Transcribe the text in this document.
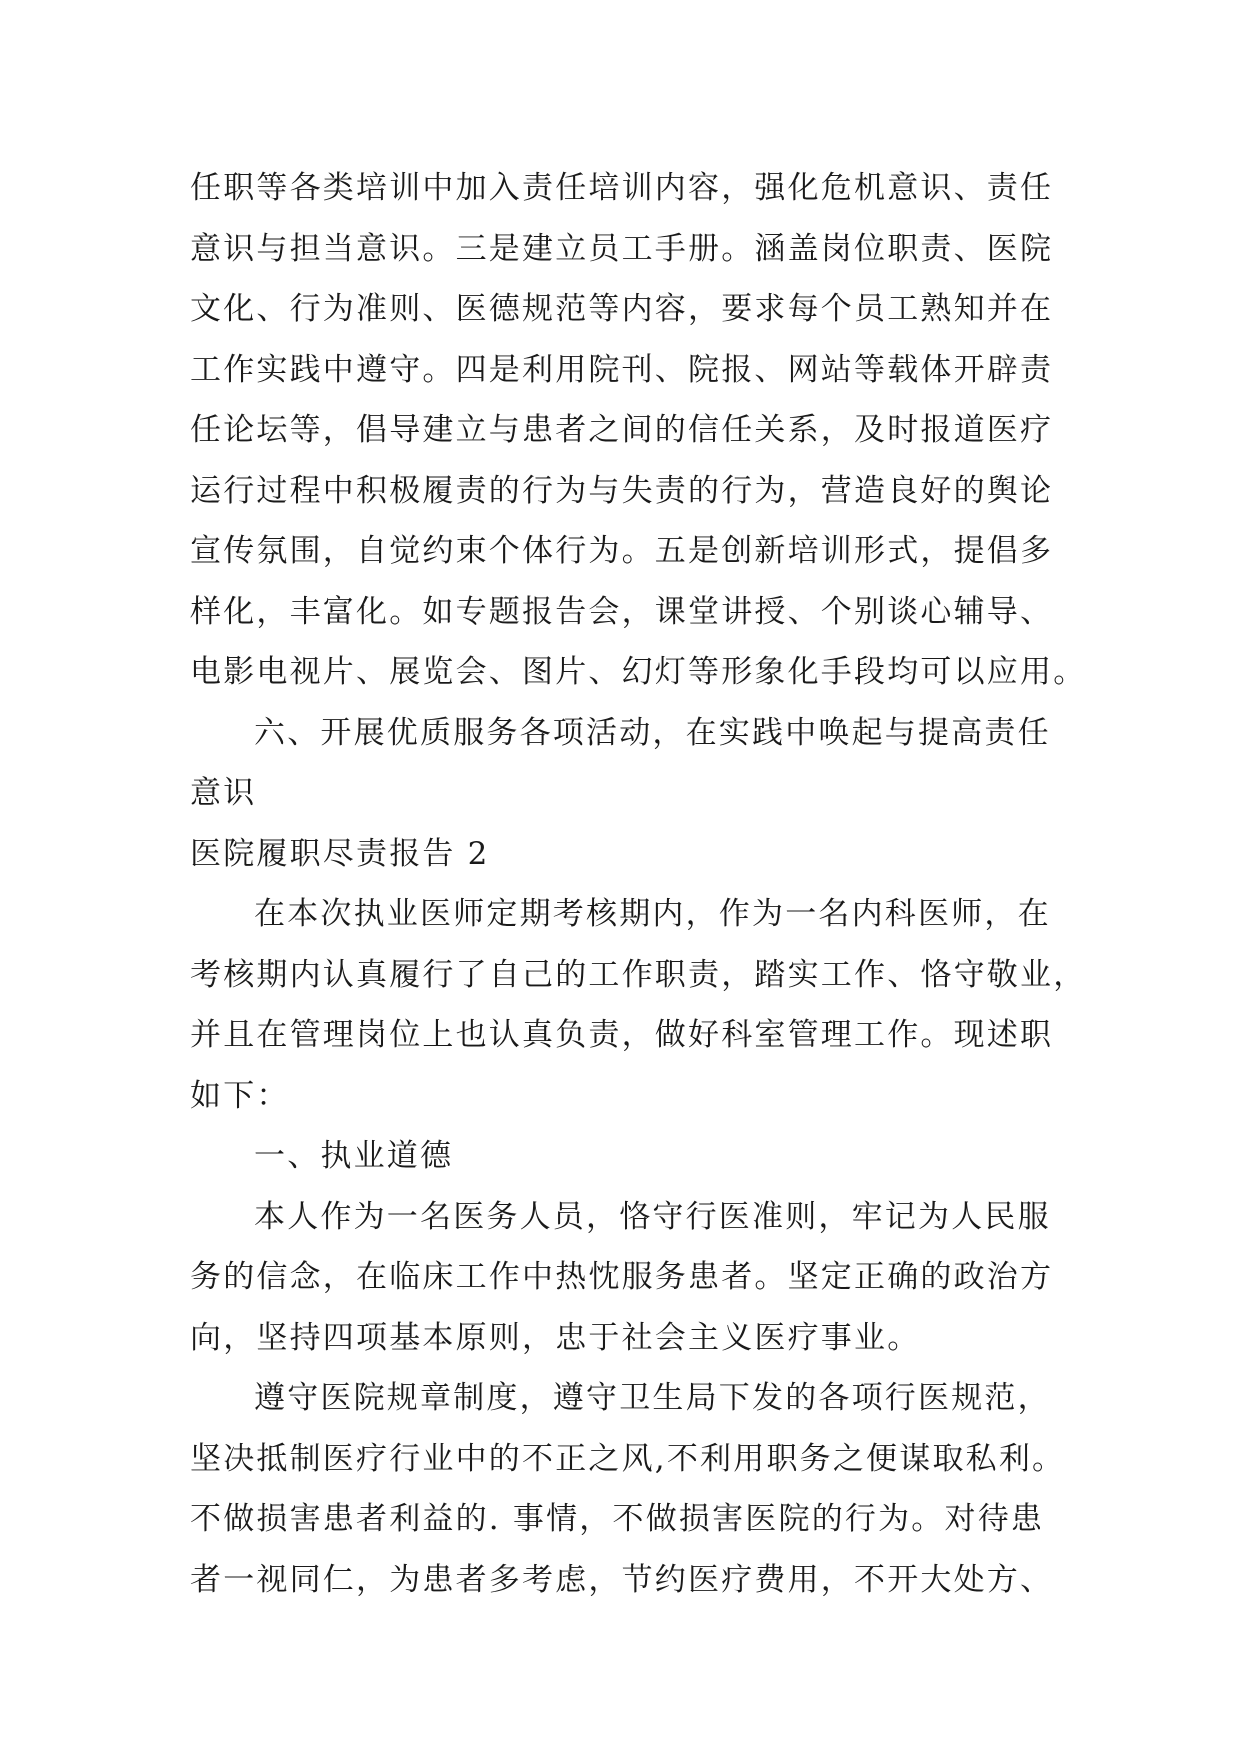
任职等各类培训中加入责任培训内容，强化危机意识、责任
意识与担当意识。三是建立员工手册。涵盖岗位职责、医院
文化、行为准则、医德规范等内容，要求每个员工熟知并在
工作实践中遵守。四是利用院刊、院报、网站等载体开辟责
任论坛等，倡导建立与患者之间的信任关系，及时报道医疗
运行过程中积极履责的行为与失责的行为，营造良好的舆论
宣传氛围，自觉约束个体行为。五是创新培训形式，提倡多
样化，丰富化。如专题报告会，课堂讲授、个别谈心辅导、
电影电视片、展览会、图片、幻灯等形象化手段均可以应用。
六、开展优质服务各项活动，在实践中唤起与提高责任
意识
医院履职尽责报告 2
在本次执业医师定期考核期内，作为一名内科医师，在
考核期内认真履行了自己的工作职责，踏实工作、恪守敬业，
并且在管理岗位上也认真负责，做好科室管理工作。现述职
如下：
一、执业道德
本人作为一名医务人员，恪守行医准则，牢记为人民服
务的信念，在临床工作中热忱服务患者。坚定正确的政治方
向，坚持四项基本原则，忠于社会主义医疗事业。
遵守医院规章制度，遵守卫生局下发的各项行医规范，
坚决抵制医疗行业中的不正之风,不利用职务之便谋取私利。
不做损害患者利益的. 事情，不做损害医院的行为。对待患
者一视同仁，为患者多考虑，节约医疗费用，不开大处方、
